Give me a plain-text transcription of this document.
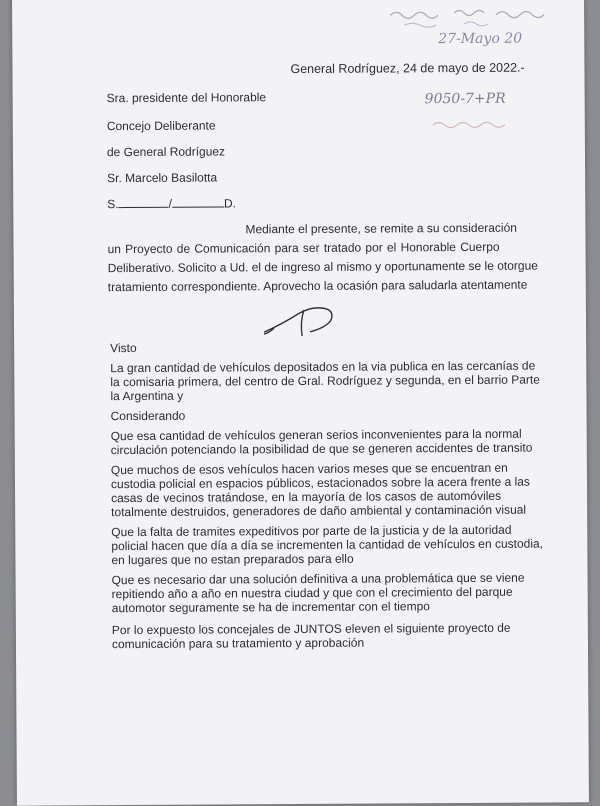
27-Mayo 20
General Rodríguez, 24 de mayo de 2022.-
9050-7+PR
Sra. presidente del Honorable
Concejo Deliberante
de General Rodríguez
Sr. Marcelo Basilotta
S.	/	D.
Mediante el presente, se remite a su consideración
un Proyecto de Comunicación para ser tratado por el Honorable Cuerpo
Deliberativo. Solicito a Ud. el de ingreso al mismo y oportunamente se le otorgue
tratamiento correspondiente. Aprovecho la ocasión para saludarla atentamente
Visto
La gran cantidad de vehículos depositados en la via publica en las cercanías de
la comisaria primera, del centro de Gral. Rodríguez y segunda, en el barrio Parte
la Argentina y
Considerando
Que esa cantidad de vehículos generan serios inconvenientes para la normal
circulación potenciando la posibilidad de que se generen accidentes de transito
Que muchos de esos vehículos hacen varios meses que se encuentran en
custodia policial en espacios públicos, estacionados sobre la acera frente a las
casas de vecinos tratándose, en la mayoría de los casos de automóviles
totalmente destruidos, generadores de daño ambiental y contaminación visual
Que la falta de tramites expeditivos por parte de la justicia y de la autoridad
policial hacen que día a día se incrementen la cantidad de vehículos en custodia,
en lugares que no estan preparados para ello
Que es necesario dar una solución definitiva a una problemática que se viene
repitiendo año a año en nuestra ciudad y que con el crecimiento del parque
automotor seguramente se ha de incrementar con el tiempo
Por lo expuesto los concejales de JUNTOS eleven el siguiente proyecto de
comunicación para su tratamiento y aprobación
